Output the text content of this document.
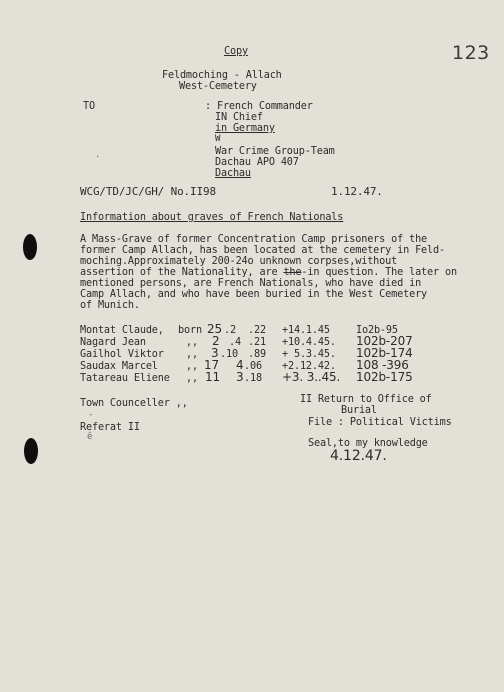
123
Copy
Feldmoching - Allach
West-Cemetery
TO	: French Commander
IN Chief
in Germany
W
War Crime Group-Team
Dachau APO 407
Dachau
.
WCG/TD/JC/GH/ No.II98	1.12.47.
Information about graves of French Nationals
A Mass-Grave of former Concentration Camp prisoners of the
former Camp Allach, has been located at the cemetery in Feld-
moching.Approximately 200-24o unknown corpses,without
assertion of the Nationality, are the-in question. The later on
mentioned persons, are French Nationals, who have died in
Camp Allach, and who have been buried in the West Cemetery
of Munich.
Montat Claude, born 25 .2 .22 +14.1.45	Io2b-95
Nagard Jean	,, 2 .4 .21 +10.4.45. 102b-207
Gailhol Viktor ,, 3 .10 .89 + 5.3.45. 102b-174
Saudax Marcel	,, 17 4 .06 +2.12.42. 108 -396
Tatareau Eliene ,, 11 3 .18 +3. 3..45. 102b-175
Town Counceller ,,
-
Referat II
ê
II Return to Office of
Burial
File : Political Victims
Seal,to my knowledge
4.12.47.
